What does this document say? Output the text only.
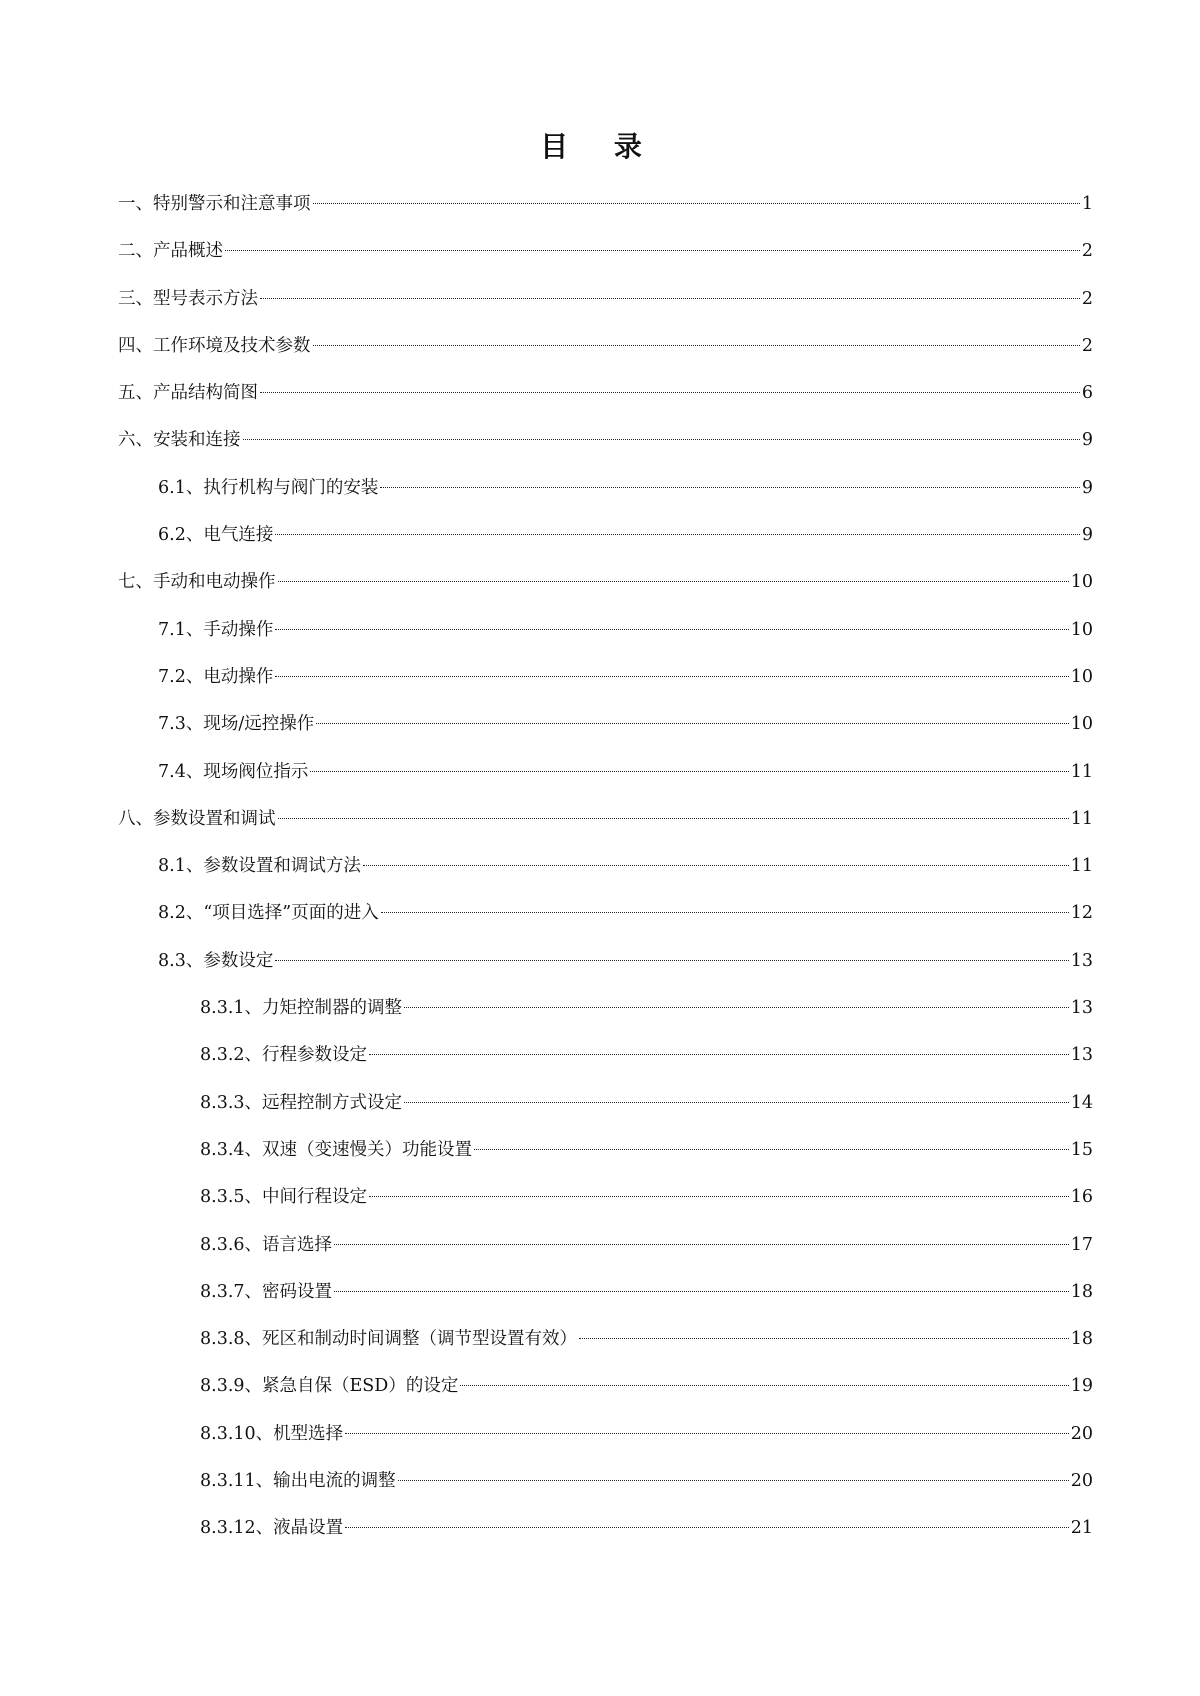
目 录
一、特别警示和注意事项	1
二、产品概述	2
三、型号表示方法	2
四、工作环境及技术参数	2
五、产品结构简图	6
六、安装和连接	9
6.1、执行机构与阀门的安装	9
6.2、电气连接	9
七、手动和电动操作	10
7.1、手动操作	10
7.2、电动操作	10
7.3、现场/远控操作	10
7.4、现场阀位指示	11
八、参数设置和调试	11
8.1、参数设置和调试方法	11
8.2、“项目选择”页面的进入	12
8.3、参数设定	13
8.3.1、力矩控制器的调整	13
8.3.2、行程参数设定	13
8.3.3、远程控制方式设定	14
8.3.4、双速（变速慢关）功能设置	15
8.3.5、中间行程设定	16
8.3.6、语言选择	17
8.3.7、密码设置	18
8.3.8、死区和制动时间调整（调节型设置有效）	18
8.3.9、紧急自保（ESD）的设定	19
8.3.10、机型选择	20
8.3.11、输出电流的调整	20
8.3.12、液晶设置	21
